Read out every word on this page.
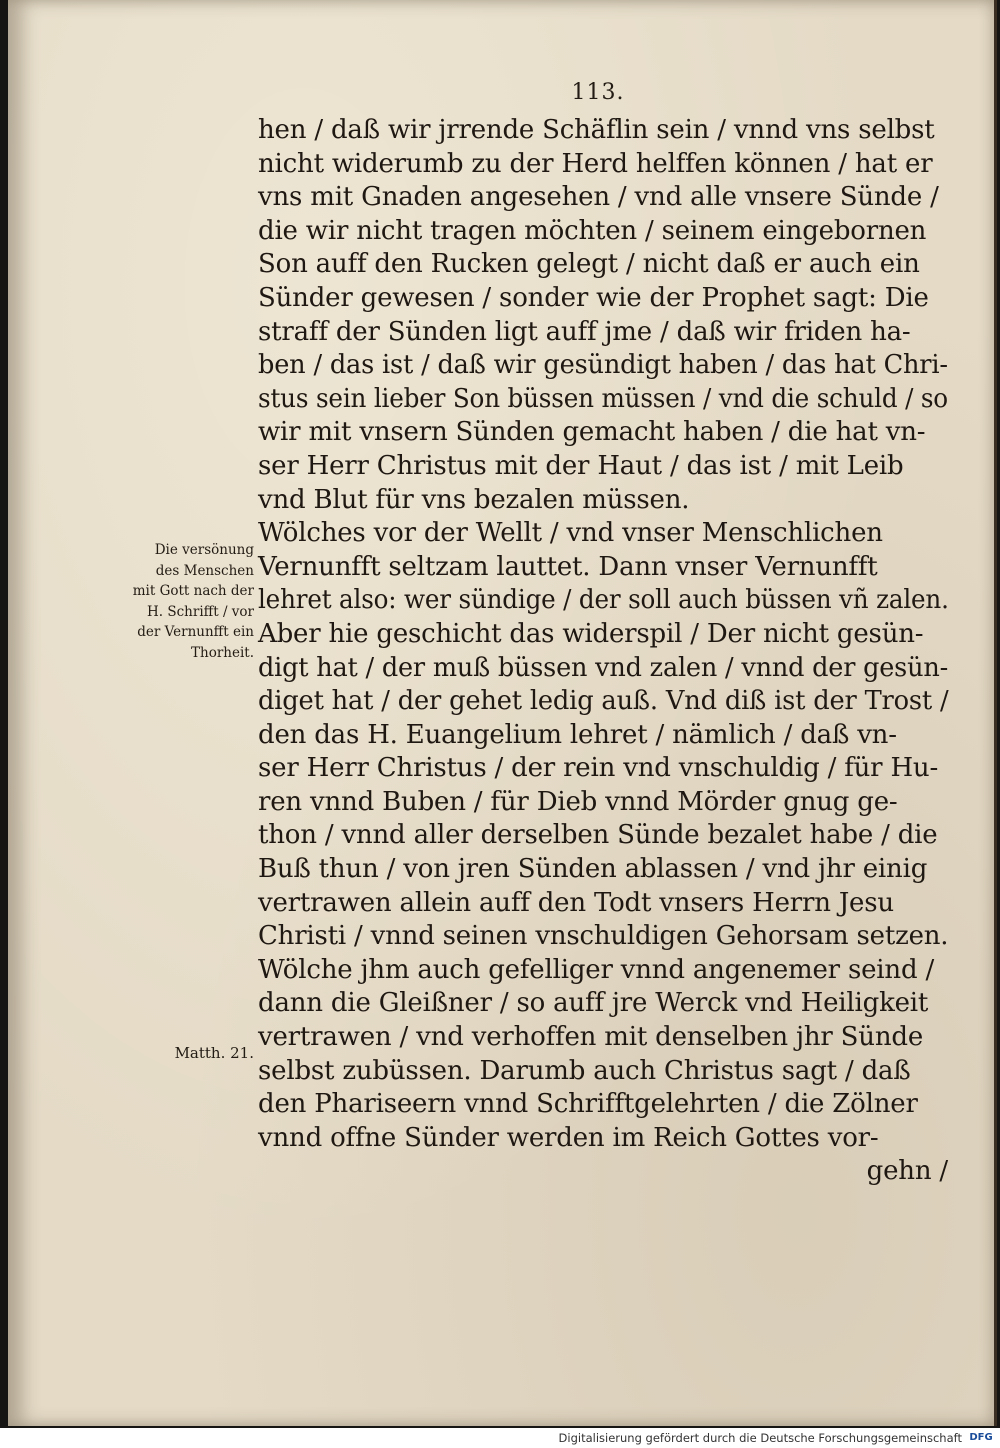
113.
hen / daß wir jrrende Schäflin sein / vnnd vns selbst
nicht widerumb zu der Herd helffen können / hat er
vns mit Gnaden angesehen / vnd alle vnsere Sünde /
die wir nicht tragen möchten / seinem eingebornen
Son auff den Rucken gelegt / nicht daß er auch ein
Sünder gewesen / sonder wie der Prophet sagt: Die
straff der Sünden ligt auff jme / daß wir friden ha-
ben / das ist / daß wir gesündigt haben / das hat Chri-
stus sein lieber Son büssen müssen / vnd die schuld / so
wir mit vnsern Sünden gemacht haben / die hat vn-
ser Herr Christus mit der Haut / das ist / mit Leib
vnd Blut für vns bezalen müssen.
Wölches vor der Wellt / vnd vnser Menschlichen
Vernunfft seltzam lauttet. Dann vnser Vernunfft
lehret also: wer sündige / der soll auch büssen vñ zalen.
Aber hie geschicht das widerspil / Der nicht gesün-
digt hat / der muß büssen vnd zalen / vnnd der gesün-
diget hat / der gehet ledig auß. Vnd diß ist der Trost /
den das H. Euangelium lehret / nämlich / daß vn-
ser Herr Christus / der rein vnd vnschuldig / für Hu-
ren vnnd Buben / für Dieb vnnd Mörder gnug ge-
thon / vnnd aller derselben Sünde bezalet habe / die
Buß thun / von jren Sünden ablassen / vnd jhr einig
vertrawen allein auff den Todt vnsers Herrn Jesu
Christi / vnnd seinen vnschuldigen Gehorsam setzen.
Wölche jhm auch gefelliger vnnd angenemer seind /
dann die Gleißner / so auff jre Werck vnd Heiligkeit
vertrawen / vnd verhoffen mit denselben jhr Sünde
selbst zubüssen. Darumb auch Christus sagt / daß
den Phariseern vnnd Schrifftgelehrten / die Zölner
vnnd offne Sünder werden im Reich Gottes vor-
gehn /
Die versönung
des Menschen
mit Gott nach der
H. Schrifft / vor
der Vernunfft ein
Thorheit.
Matth. 21.
Digitalisierung gefördert durch die Deutsche Forschungsgemeinschaft DFG
